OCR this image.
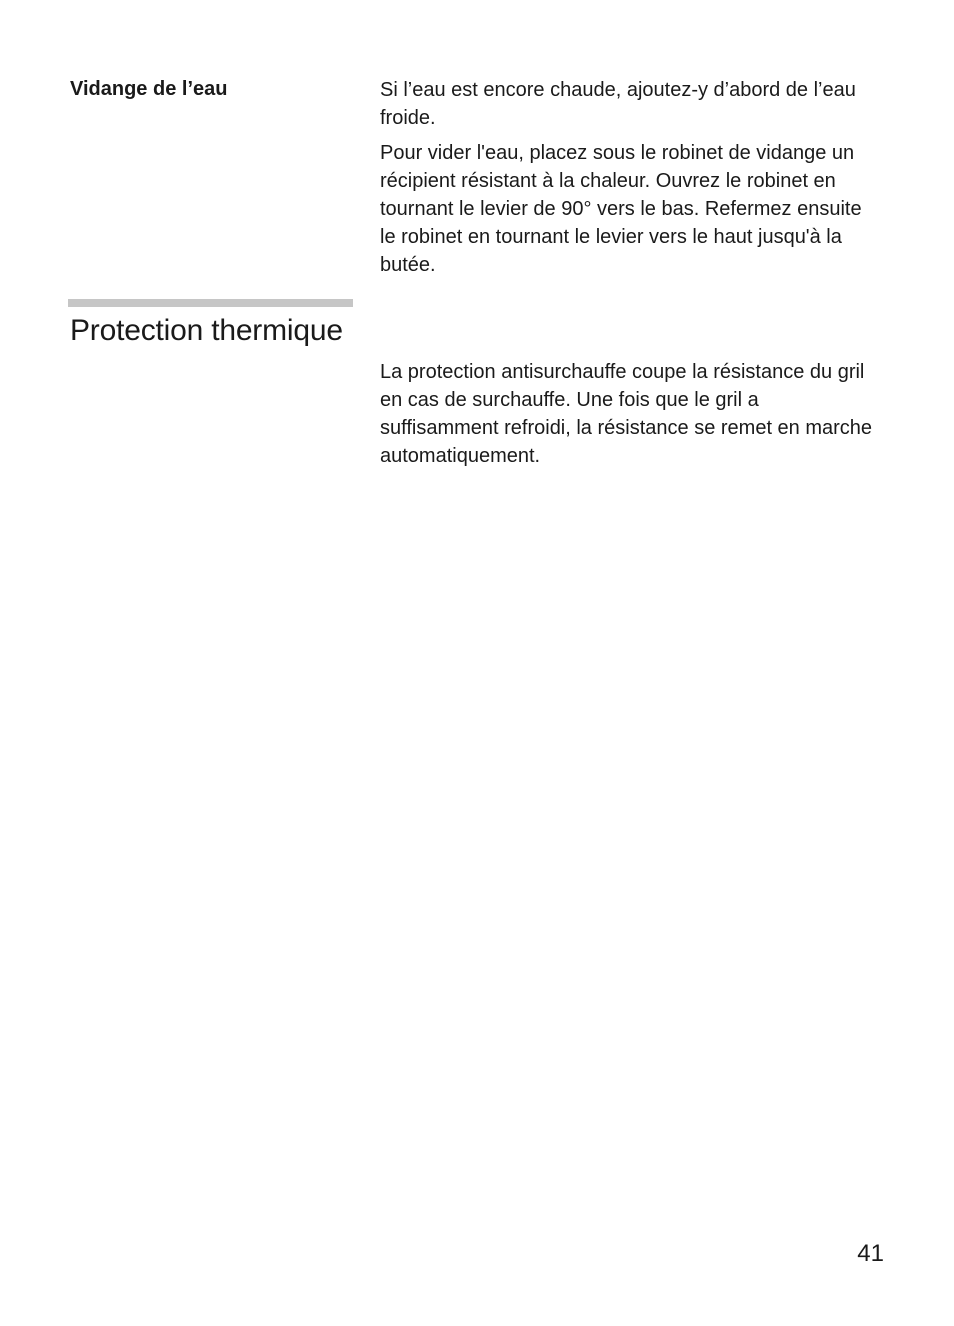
Vidange de l’eau	Si l’eau est encore chaude, ajoutez-y d’abord de l’eau froide.

Pour vider l'eau, placez sous le robinet de vidange un récipient résistant à la chaleur. Ouvrez le robinet en tournant le levier de 90° vers le bas. Refermez ensuite le robinet en tournant le levier vers le haut jusqu'à la butée.

Protection thermique

La protection antisurchauffe coupe la résistance du gril en cas de surchauffe. Une fois que le gril a suffisamment refroidi, la résistance se remet en marche automatiquement.

41
